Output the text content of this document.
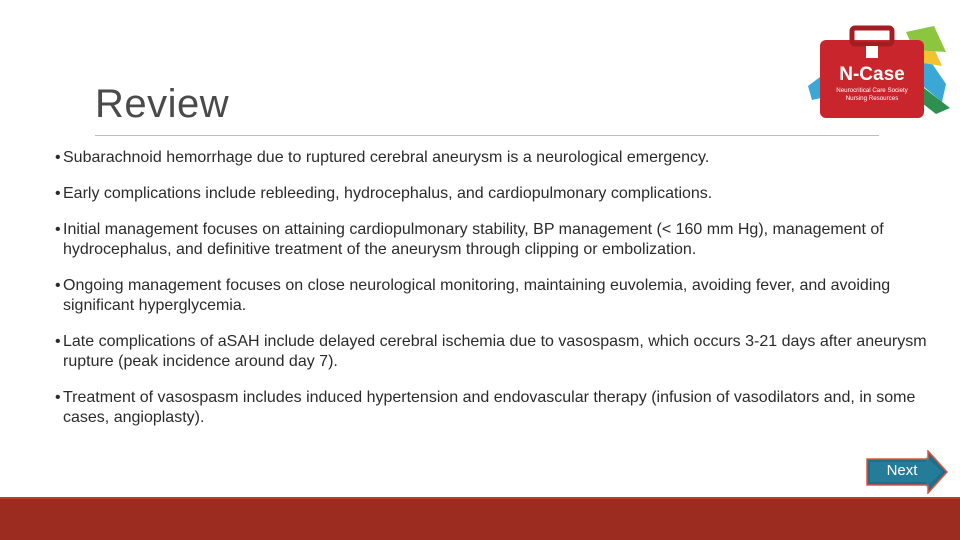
N-Case
Neurocritical Care Society
Nursing Resources
Review
• Subarachnoid hemorrhage due to ruptured cerebral aneurysm is a neurological emergency.
• Early complications include rebleeding, hydrocephalus, and cardiopulmonary complications.
• Initial management focuses on attaining cardiopulmonary stability, BP management (< 160 mm Hg), management of hydrocephalus, and definitive treatment of the aneurysm through clipping or embolization.
• Ongoing management focuses on close neurological monitoring, maintaining euvolemia, avoiding fever, and avoiding significant hyperglycemia.
• Late complications of aSAH include delayed cerebral ischemia due to vasospasm, which occurs 3-21 days after aneurysm rupture (peak incidence around day 7).
• Treatment of vasospasm includes induced hypertension and endovascular therapy (infusion of vasodilators and, in some cases, angioplasty).
Next
